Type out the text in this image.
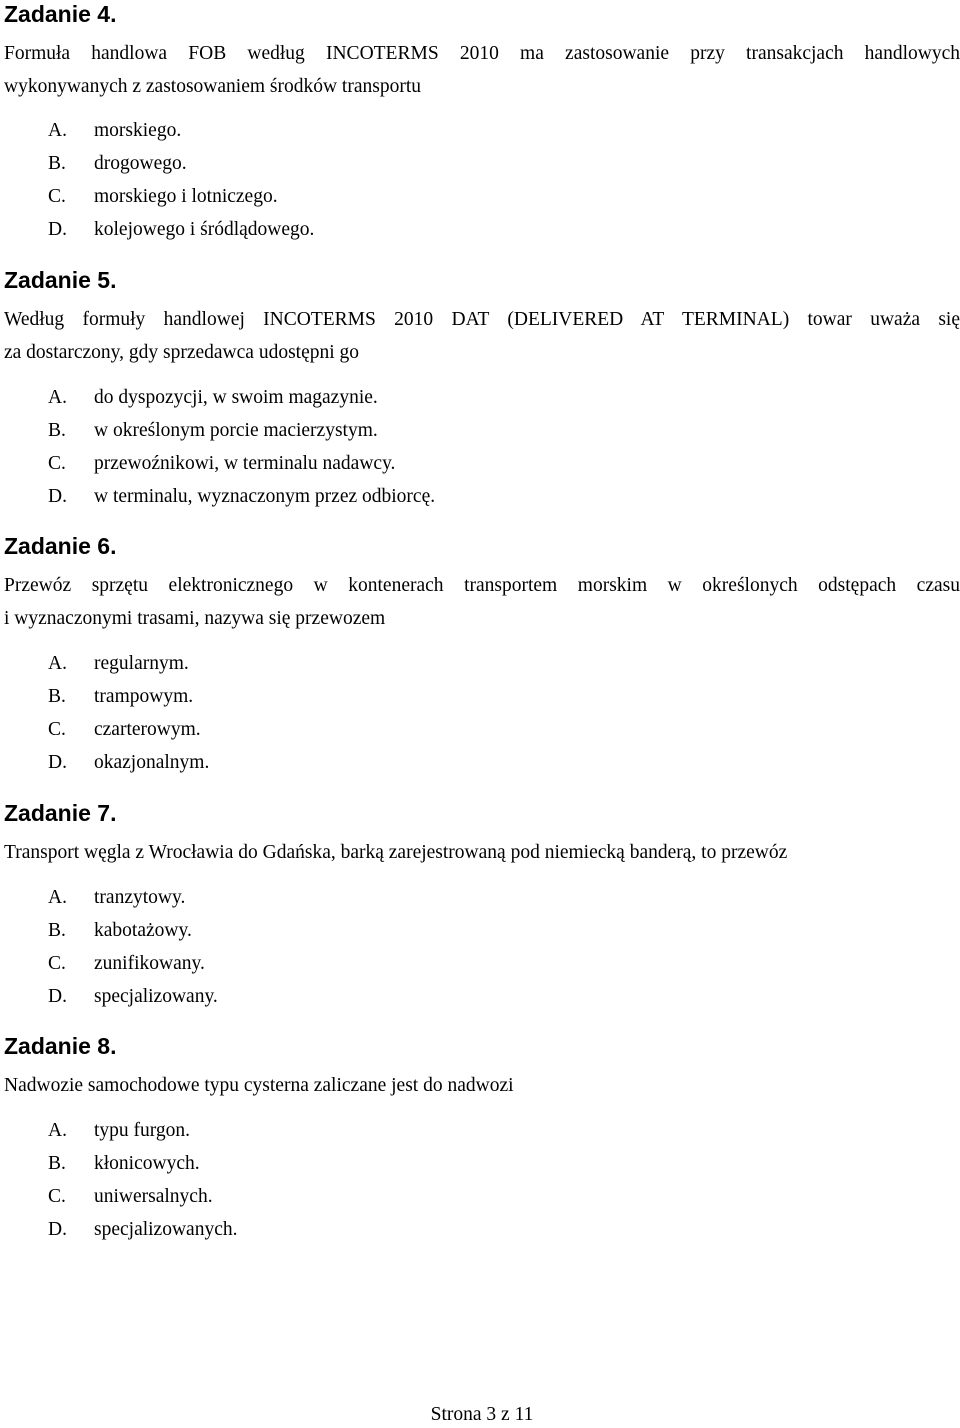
Zadanie 4.

Formuła handlowa FOB według INCOTERMS 2010 ma zastosowanie przy transakcjach handlowych
wykonywanych z zastosowaniem środków transportu

A. morskiego.
B. drogowego.
C. morskiego i lotniczego.
D. kolejowego i śródlądowego.
Zadanie 5.

Według formuły handlowej INCOTERMS 2010 DAT (DELIVERED AT TERMINAL) towar uważa się
za dostarczony, gdy sprzedawca udostępni go

A. do dyspozycji, w swoim magazynie.
B. w określonym porcie macierzystym.
C. przewoźnikowi, w terminalu nadawcy.
D. w terminalu, wyznaczonym przez odbiorcę.
Zadanie 6.

Przewóz sprzętu elektronicznego w kontenerach transportem morskim w określonych odstępach czasu
i wyznaczonymi trasami, nazywa się przewozem

A. regularnym.
B. trampowym.
C. czarterowym.
D. okazjonalnym.
Zadanie 7.

Transport węgla z Wrocławia do Gdańska, barką zarejestrowaną pod niemiecką banderą, to przewóz

A. tranzytowy.
B. kabotażowy.
C. zunifikowany.
D. specjalizowany.
Zadanie 8.

Nadwozie samochodowe typu cysterna zaliczane jest do nadwozi

A. typu furgon.
B. kłonicowych.
C. uniwersalnych.
D. specjalizowanych.
Strona 3 z 11
